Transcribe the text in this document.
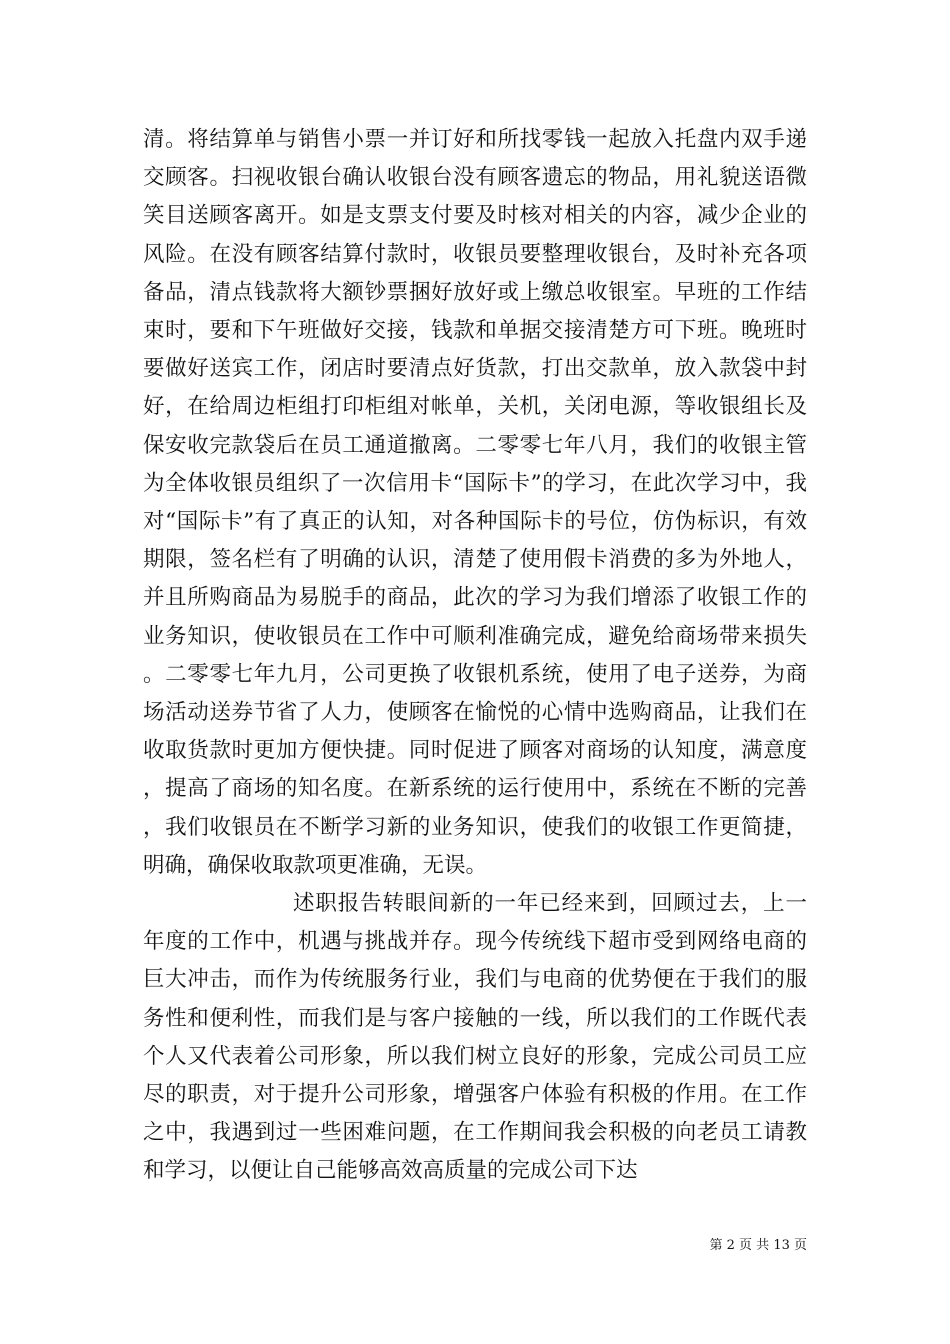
清。将结算单与销售小票一并订好和所找零钱一起放入托盘内双手递交顾客。扫视收银台确认收银台没有顾客遗忘的物品，用礼貌送语微笑目送顾客离开。如是支票支付要及时核对相关的内容，减少企业的风险。在没有顾客结算付款时，收银员要整理收银台，及时补充各项备品，清点钱款将大额钞票捆好放好或上缴总收银室。早班的工作结束时，要和下午班做好交接，钱款和单据交接清楚方可下班。晚班时要做好送宾工作，闭店时要清点好货款，打出交款单，放入款袋中封好，在给周边柜组打印柜组对帐单，关机，关闭电源，等收银组长及保安收完款袋后在员工通道撤离。二零零七年八月，我们的收银主管为全体收银员组织了一次信用卡“国际卡”的学习，在此次学习中，我对“国际卡”有了真正的认知，对各种国际卡的号位，仿伪标识，有效期限，签名栏有了明确的认识，清楚了使用假卡消费的多为外地人，并且所购商品为易脱手的商品，此次的学习为我们增添了收银工作的业务知识，使收银员在工作中可顺利准确完成，避免给商场带来损失。二零零七年九月，公司更换了收银机系统，使用了电子送券，为商场活动送券节省了人力，使顾客在愉悦的心情中选购商品，让我们在收取货款时更加方便快捷。同时促进了顾客对商场的认知度，满意度，提高了商场的知名度。在新系统的运行使用中，系统在不断的完善，我们收银员在不断学习新的业务知识，使我们的收银工作更简捷，明确，确保收取款项更准确，无误。

述职报告转眼间新的一年已经来到，回顾过去，上一年度的工作中，机遇与挑战并存。现今传统线下超市受到网络电商的巨大冲击，而作为传统服务行业，我们与电商的优势便在于我们的服务性和便利性，而我们是与客户接触的一线，所以我们的工作既代表个人又代表着公司形象，所以我们树立良好的形象，完成公司员工应尽的职责，对于提升公司形象，增强客户体验有积极的作用。在工作之中，我遇到过一些困难问题，在工作期间我会积极的向老员工请教和学习，以便让自己能够高效高质量的完成公司下达

第 2 页 共 13 页
